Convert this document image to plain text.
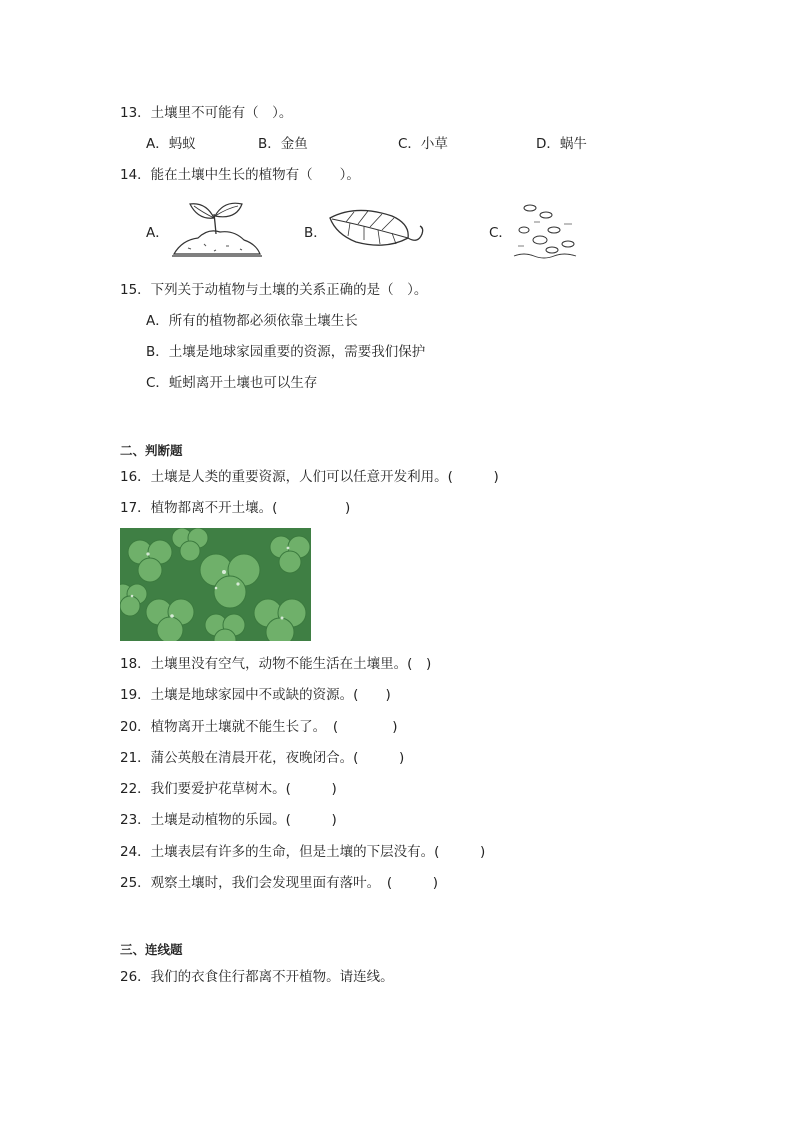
13．土壤里不可能有（　）。
A．蚂蚁	B．金鱼	C．小草	D．蜗牛
14．能在土壤中生长的植物有（　　）。
A．	B．	C．
15．下列关于动植物与土壤的关系正确的是（　）。
A．所有的植物都必须依靠土壤生长
B．土壤是地球家园重要的资源，需要我们保护
C．蚯蚓离开土壤也可以生存
二、判断题
16．土壤是人类的重要资源，人们可以任意开发利用。(　　　)
17．植物都离不开土壤。(　　　　　)
18．土壤里没有空气，动物不能生活在土壤里。(　)
19．土壤是地球家园中不或缺的资源。(　　)
20．植物离开土壤就不能生长了。　(　　　　)
21．蒲公英般在清晨开花，夜晚闭合。(　　　)
22．我们要爱护花草树木。(　　　)
23．土壤是动植物的乐园。(　　　)
24．土壤表层有许多的生命，但是土壤的下层没有。(　　　)
25．观察土壤时，我们会发现里面有落叶。　(　　　)
三、连线题
26．我们的衣食住行都离不开植物。请连线。
